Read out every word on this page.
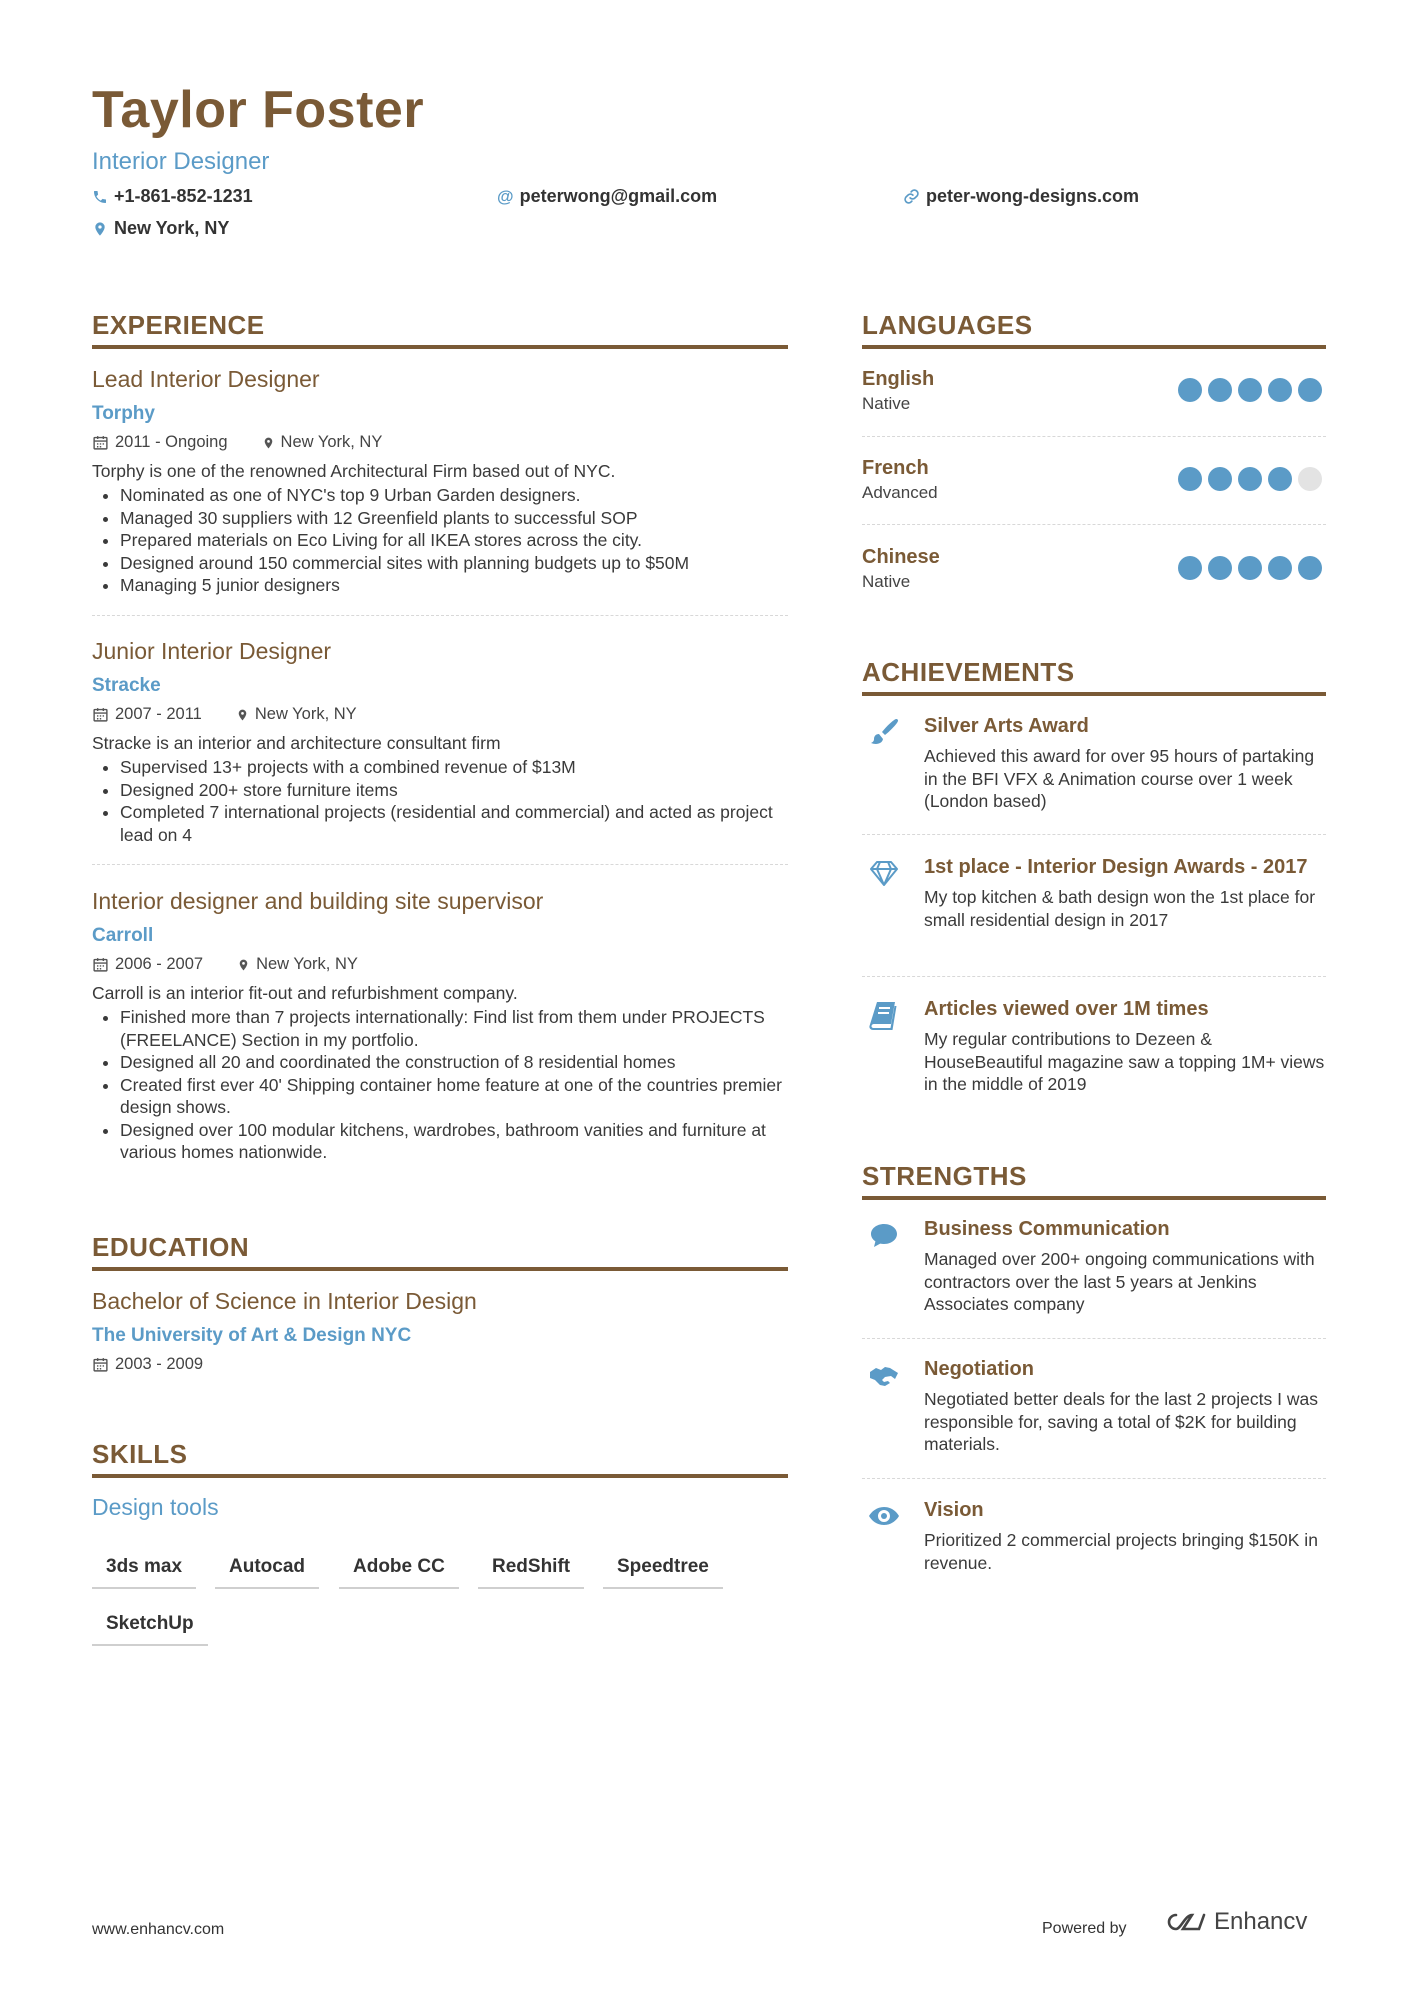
Taylor Foster
Interior Designer
+1-861-852-1231	@ peterwong@gmail.com	peter-wong-designs.com
New York, NY
EXPERIENCE
Lead Interior Designer
Torphy
2011 - Ongoing	New York, NY
Torphy is one of the renowned Architectural Firm based out of NYC.
• Nominated as one of NYC's top 9 Urban Garden designers.
• Managed 30 suppliers with 12 Greenfield plants to successful SOP
• Prepared materials on Eco Living for all IKEA stores across the city.
• Designed around 150 commercial sites with planning budgets up to $50M
• Managing 5 junior designers
Junior Interior Designer
Stracke
2007 - 2011	New York, NY
Stracke is an interior and architecture consultant firm
• Supervised 13+ projects with a combined revenue of $13M
• Designed 200+ store furniture items
• Completed 7 international projects (residential and commercial) and acted as project lead on 4
Interior designer and building site supervisor
Carroll
2006 - 2007	New York, NY
Carroll is an interior fit-out and refurbishment company.
• Finished more than 7 projects internationally: Find list from them under PROJECTS (FREELANCE) Section in my portfolio.
• Designed all 20 and coordinated the construction of 8 residential homes
• Created first ever 40' Shipping container home feature at one of the countries premier design shows.
• Designed over 100 modular kitchens, wardrobes, bathroom vanities and furniture at various homes nationwide.
EDUCATION
Bachelor of Science in Interior Design
The University of Art & Design NYC
2003 - 2009
SKILLS
Design tools
3ds max	Autocad	Adobe CC	RedShift	Speedtree
SketchUp
LANGUAGES
English
Native
French
Advanced
Chinese
Native
ACHIEVEMENTS
Silver Arts Award
Achieved this award for over 95 hours of partaking in the BFI VFX & Animation course over 1 week (London based)
1st place - Interior Design Awards - 2017
My top kitchen & bath design won the 1st place for small residential design in 2017
Articles viewed over 1M times
My regular contributions to Dezeen & HouseBeautiful magazine saw a topping 1M+ views in the middle of 2019
STRENGTHS
Business Communication
Managed over 200+ ongoing communications with contractors over the last 5 years at Jenkins Associates company
Negotiation
Negotiated better deals for the last 2 projects I was responsible for, saving a total of $2K for building materials.
Vision
Prioritized 2 commercial projects bringing $150K in revenue.
www.enhancv.com	Powered by	Enhancv
